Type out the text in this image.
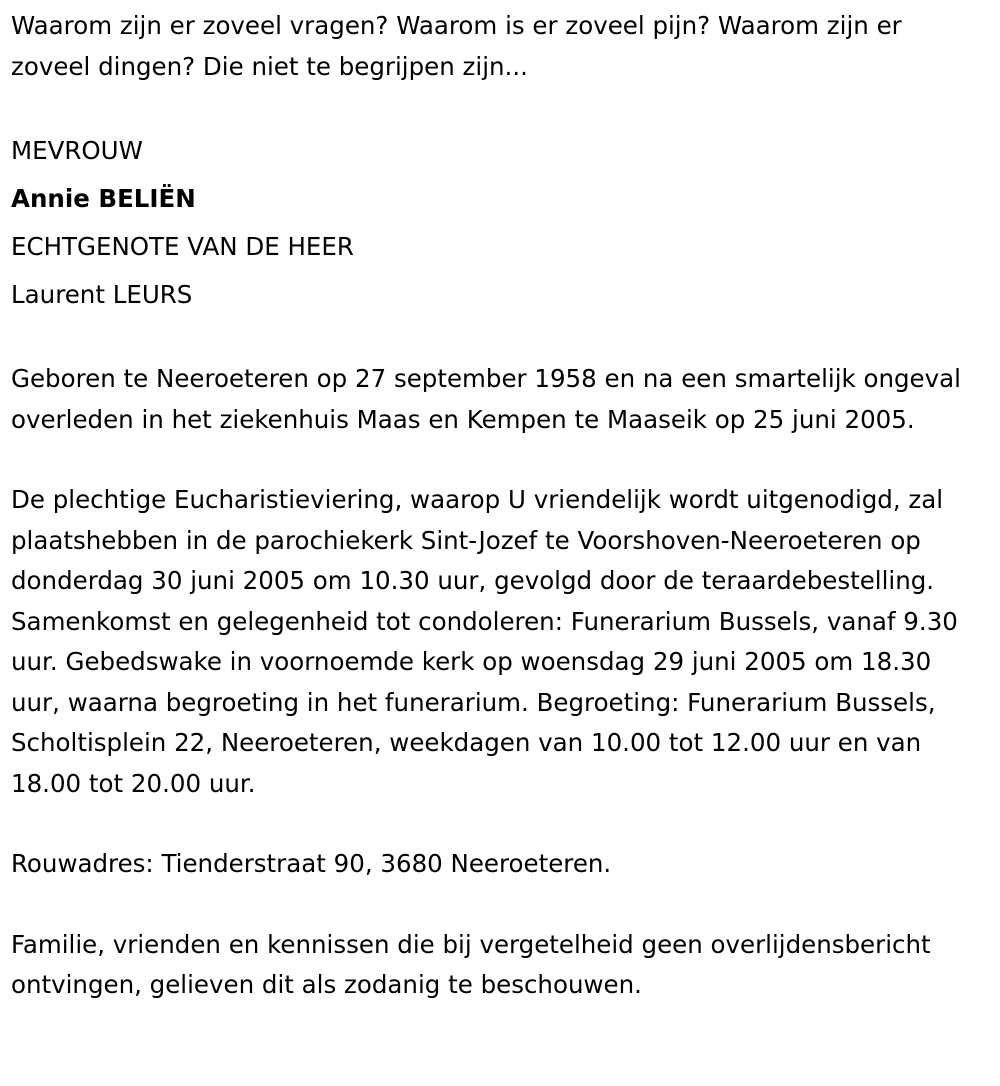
Waarom zijn er zoveel vragen? Waarom is er zoveel pijn? Waarom zijn er zoveel dingen? Die niet te begrijpen zijn...

MEVROUW
Annie BELIËN
ECHTGENOTE VAN DE HEER
Laurent LEURS

Geboren te Neeroeteren op 27 september 1958 en na een smartelijk ongeval overleden in het ziekenhuis Maas en Kempen te Maaseik op 25 juni 2005.

De plechtige Eucharistieviering, waarop U vriendelijk wordt uitgenodigd, zal plaatshebben in de parochiekerk Sint-Jozef te Voorshoven-Neeroeteren op donderdag 30 juni 2005 om 10.30 uur, gevolgd door de teraardebestelling. Samenkomst en gelegenheid tot condoleren: Funerarium Bussels, vanaf 9.30 uur. Gebedswake in voornoemde kerk op woensdag 29 juni 2005 om 18.30 uur, waarna begroeting in het funerarium. Begroeting: Funerarium Bussels, Scholtisplein 22, Neeroeteren, weekdagen van 10.00 tot 12.00 uur en van 18.00 tot 20.00 uur.

Rouwadres: Tienderstraat 90, 3680 Neeroeteren.

Familie, vrienden en kennissen die bij vergetelheid geen overlijdensbericht ontvingen, gelieven dit als zodanig te beschouwen.
